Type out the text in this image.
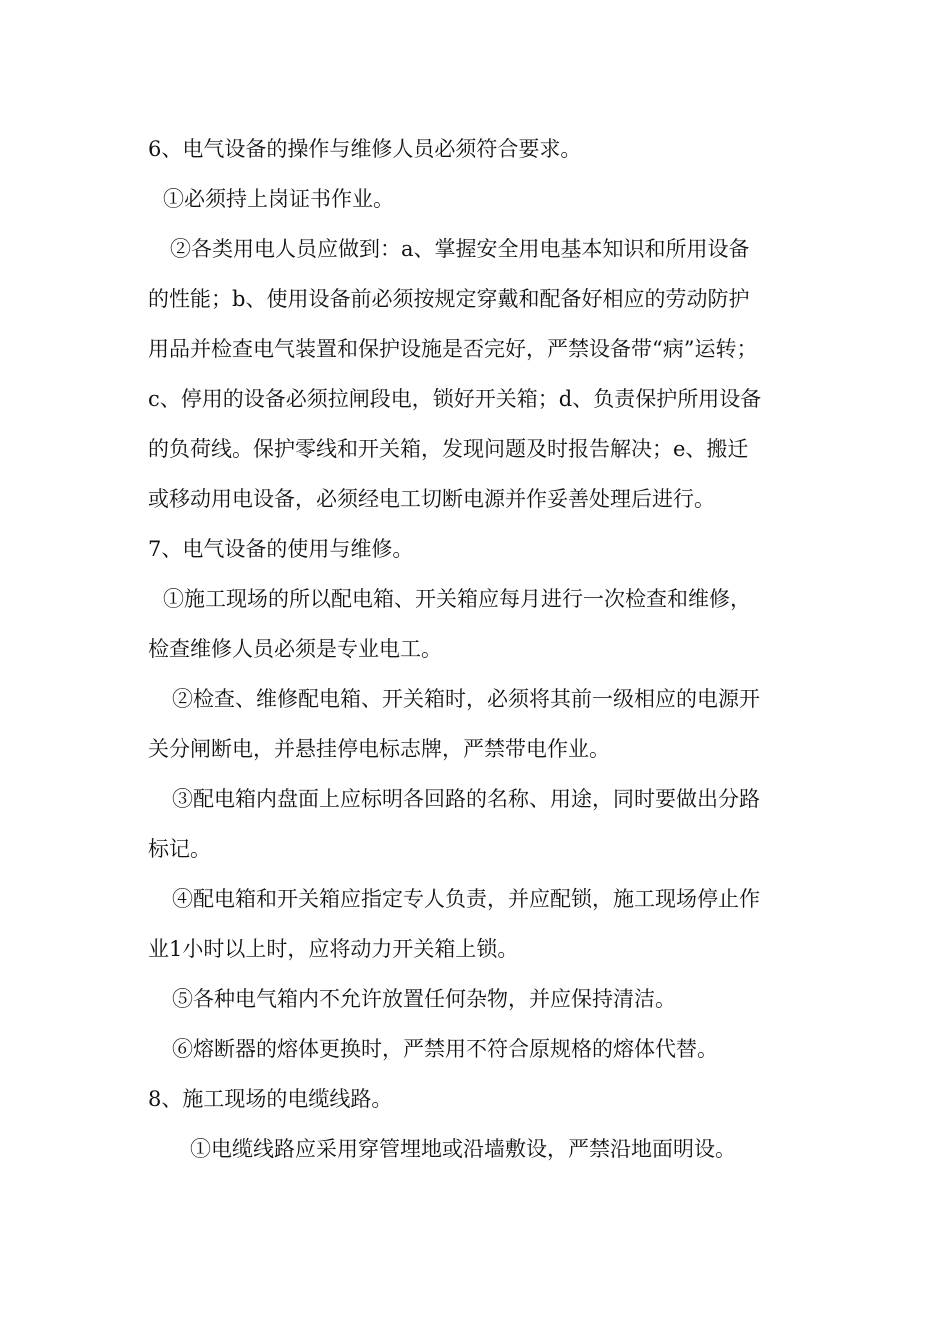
6、电气设备的操作与维修人员必须符合要求。
①必须持上岗证书作业。
②各类用电人员应做到：a、掌握安全用电基本知识和所用设备
的性能；b、使用设备前必须按规定穿戴和配备好相应的劳动防护
用品并检查电气装置和保护设施是否完好，严禁设备带“病”运转；
c、停用的设备必须拉闸段电，锁好开关箱；d、负责保护所用设备
的负荷线。保护零线和开关箱，发现问题及时报告解决；e、搬迁
或移动用电设备，必须经电工切断电源并作妥善处理后进行。
7、电气设备的使用与维修。
①施工现场的所以配电箱、开关箱应每月进行一次检查和维修，
检查维修人员必须是专业电工。
②检查、维修配电箱、开关箱时，必须将其前一级相应的电源开
关分闸断电，并悬挂停电标志牌，严禁带电作业。
③配电箱内盘面上应标明各回路的名称、用途，同时要做出分路
标记。
④配电箱和开关箱应指定专人负责，并应配锁，施工现场停止作
业1小时以上时，应将动力开关箱上锁。
⑤各种电气箱内不允许放置任何杂物，并应保持清洁。
⑥熔断器的熔体更换时，严禁用不符合原规格的熔体代替。
8、施工现场的电缆线路。
①电缆线路应采用穿管埋地或沿墙敷设，严禁沿地面明设。
